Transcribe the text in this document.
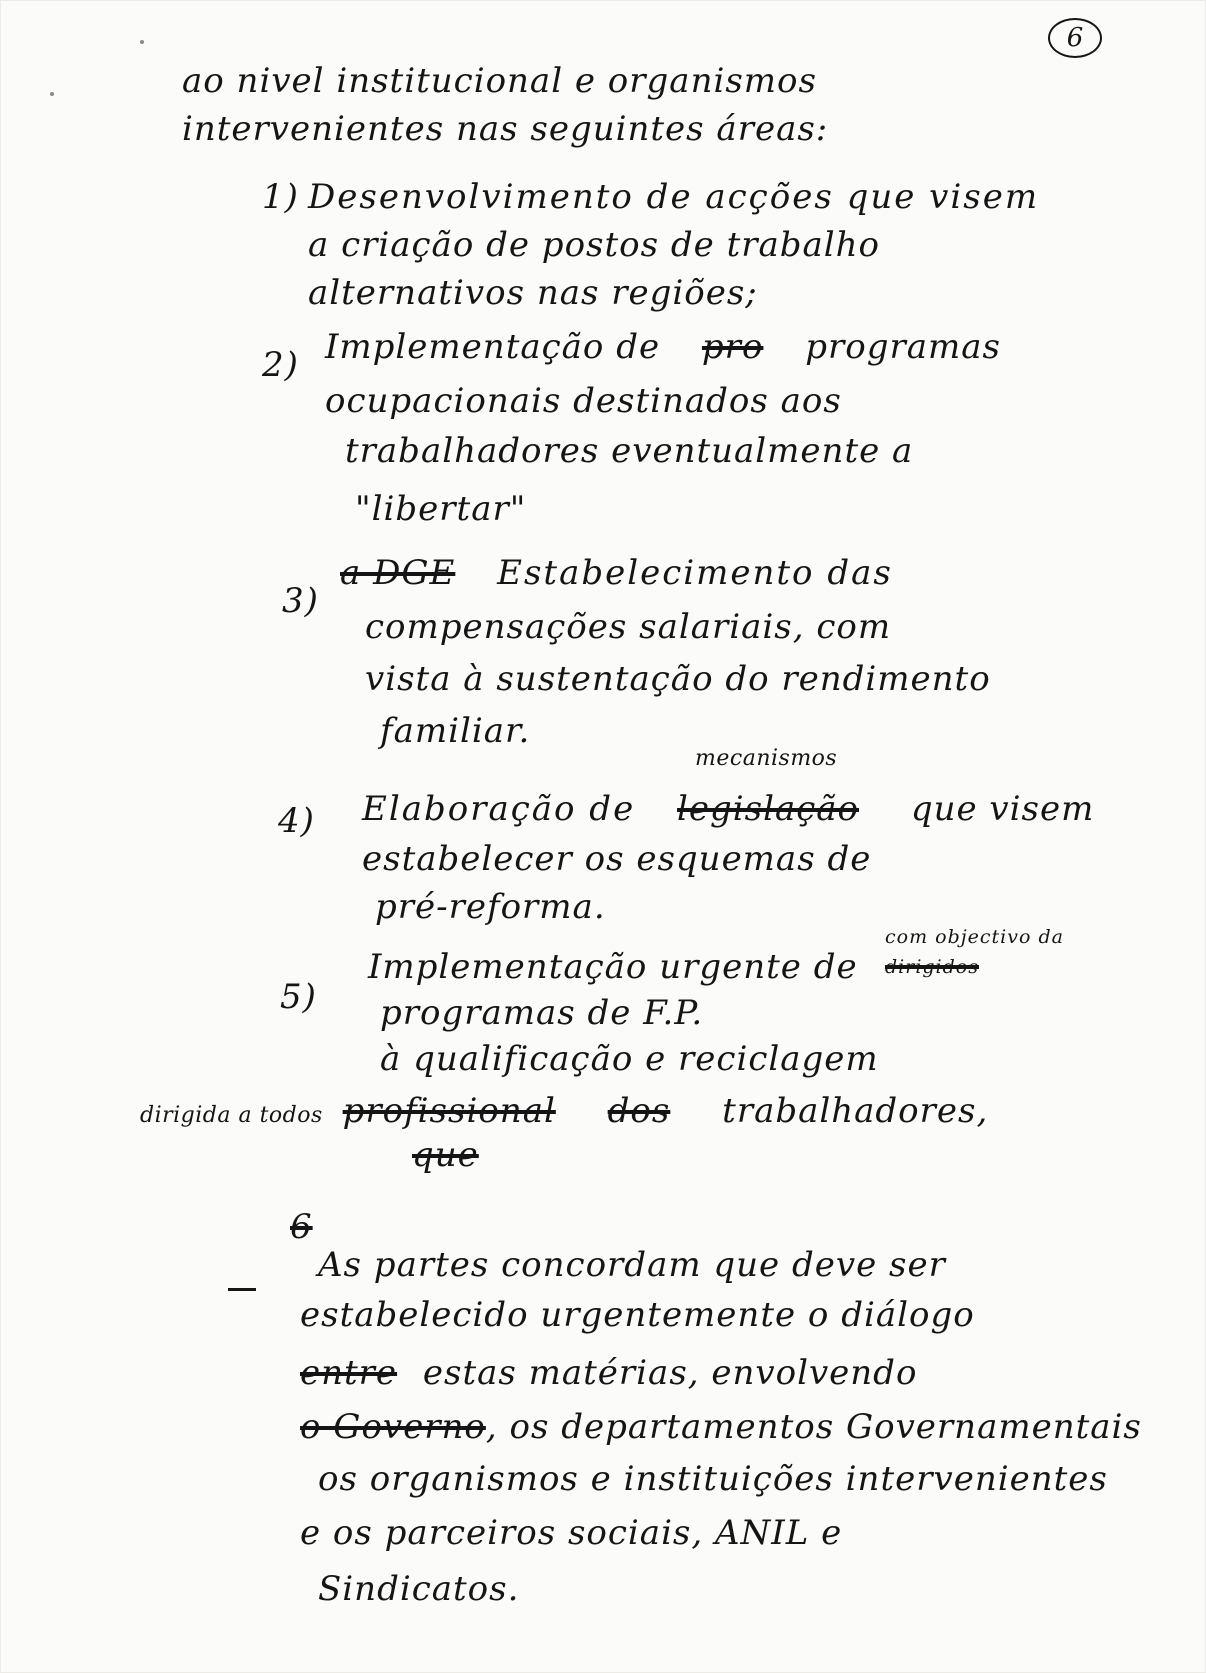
6
ao nivel institucional e organismos
intervenientes nas seguintes áreas:
1) Desenvolvimento de acções que visem
a criação de postos de trabalho
alternativos nas regiões;
2) Implementação de pro programas
ocupacionais destinados aos
trabalhadores eventualmente a
"libertar"
3)
a DGE Estabelecimento das
compensações salariais, com
vista à sustentação do rendimento
familiar.
mecanismos
4) Elaboração de legislação que visem
estabelecer os esquemas de
pré-reforma.
com objectivo da
dirigidos
5)
Implementação urgente de
programas de F.P.
à qualificação e reciclagem
dirigida a todos profissional dos trabalhadores,
que
6
As partes concordam que deve ser
estabelecido urgentemente o diálogo
entre estas matérias, envolvendo
o Governo, os departamentos Governamentais
os organismos e instituições intervenientes
e os parceiros sociais, ANIL e
Sindicatos.
